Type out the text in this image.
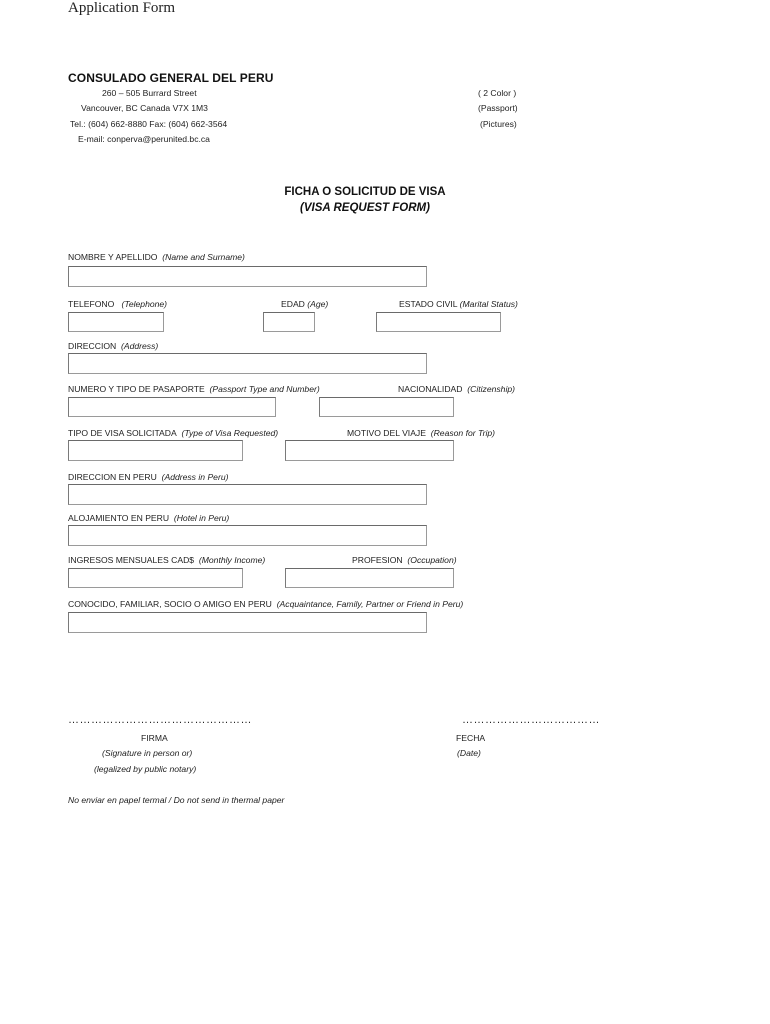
Application Form
CONSULADO GENERAL DEL PERU
260 – 505 Burrard Street
Vancouver, BC Canada V7X 1M3
Tel.: (604) 662-8880 Fax: (604) 662-3564
E-mail: conperva@perunited.bc.ca
( 2 Color )
(Passport)
(Pictures)
FICHA O SOLICITUD DE VISA
(VISA REQUEST FORM)
NOMBRE Y APELLIDO (Name and Surname)
TELEFONO (Telephone)	EDAD (Age)	ESTADO CIVIL (Marital Status)
DIRECCION (Address)
NUMERO Y TIPO DE PASAPORTE (Passport Type and Number)	NACIONALIDAD (Citizenship)
TIPO DE VISA SOLICITADA (Type of Visa Requested)	MOTIVO DEL VIAJE (Reason for Trip)
DIRECCION EN PERU (Address in Peru)
ALOJAMIENTO EN PERU (Hotel in Peru)
INGRESOS MENSUALES CAD$ (Monthly Income)	PROFESION (Occupation)
CONOCIDO, FAMILIAR, SOCIO O AMIGO EN PERU (Acquaintance, Family, Partner or Friend in Peru)
…………………………………………
FIRMA
(Signature in person or)
(legalized by public notary)
………………………………
FECHA
(Date)
No enviar en papel termal / Do not send in thermal paper
